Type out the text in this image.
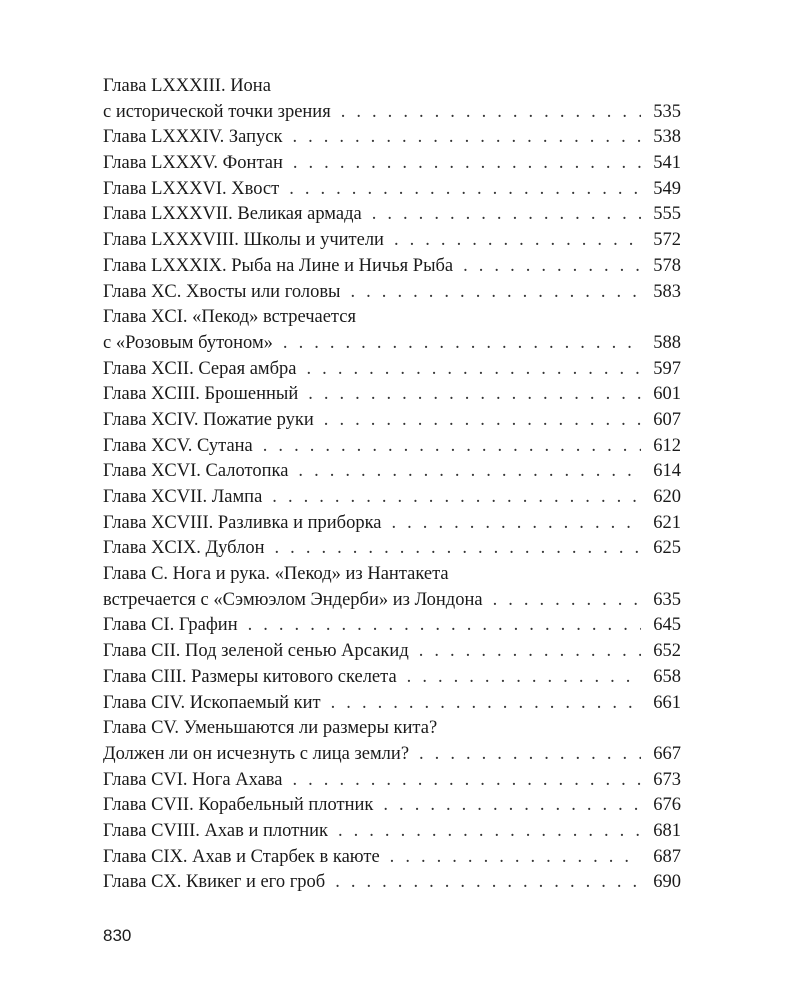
Глава LXXXIII. Иона
с исторической точки зрения . . .	535
Глава LXXXIV. Запуск . . .	538
Глава LXXXV. Фонтан . . .	541
Глава LXXXVI. Хвост . . .	549
Глава LXXXVII. Великая армада . . .	555
Глава LXXXVIII. Школы и учители . . .	572
Глава LXXXIX. Рыба на Лине и Ничья Рыба . . .	578
Глава XC. Хвосты или головы . . .	583
Глава XCI. «Пекод» встречается
с «Розовым бутоном» . . .	588
Глава XCII. Серая амбра . . .	597
Глава XCIII. Брошенный . . .	601
Глава XCIV. Пожатие руки . . .	607
Глава XCV. Сутана . . .	612
Глава XCVI. Салотопка . . .	614
Глава XCVII. Лампа . . .	620
Глава XCVIII. Разливка и приборка . . .	621
Глава XCIX. Дублон . . .	625
Глава C. Нога и рука. «Пекод» из Нантакета
встречается с «Сэмюэлом Эндерби» из Лондона . . .	635
Глава CI. Графин . . .	645
Глава CII. Под зеленой сенью Арсакид . . .	652
Глава CIII. Размеры китового скелета . . .	658
Глава CIV. Ископаемый кит . . .	661
Глава CV. Уменьшаются ли размеры кита?
Должен ли он исчезнуть с лица земли? . . .	667
Глава CVI. Нога Ахава . . .	673
Глава CVII. Корабельный плотник . . .	676
Глава CVIII. Ахав и плотник . . .	681
Глава CIX. Ахав и Старбек в каюте . . .	687
Глава CX. Квикег и его гроб . . .	690
830
